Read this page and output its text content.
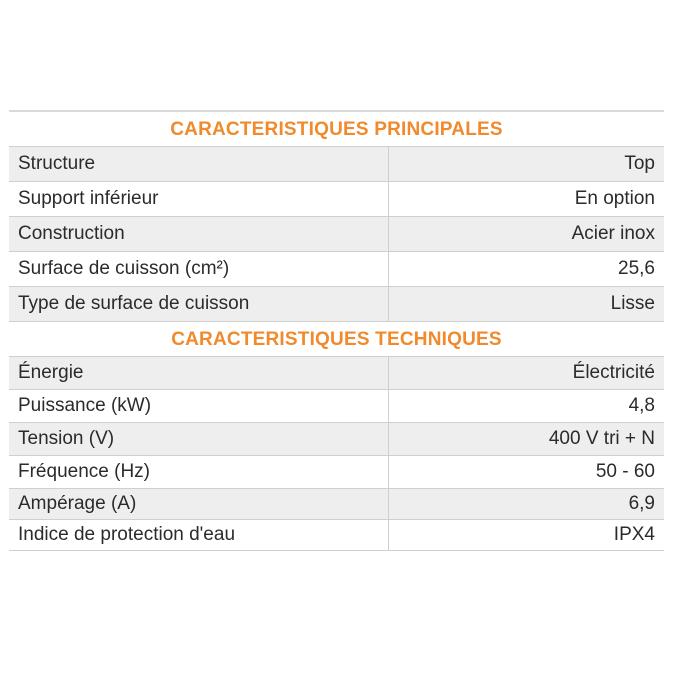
CARACTERISTIQUES PRINCIPALES
Structure	Top
Support inférieur	En option
Construction	Acier inox
Surface de cuisson (cm²)	25,6
Type de surface de cuisson	Lisse
CARACTERISTIQUES TECHNIQUES
Énergie	Électricité
Puissance (kW)	4,8
Tension (V)	400 V tri + N
Fréquence (Hz)	50 - 60
Ampérage (A)	6,9
Indice de protection d'eau	IPX4
